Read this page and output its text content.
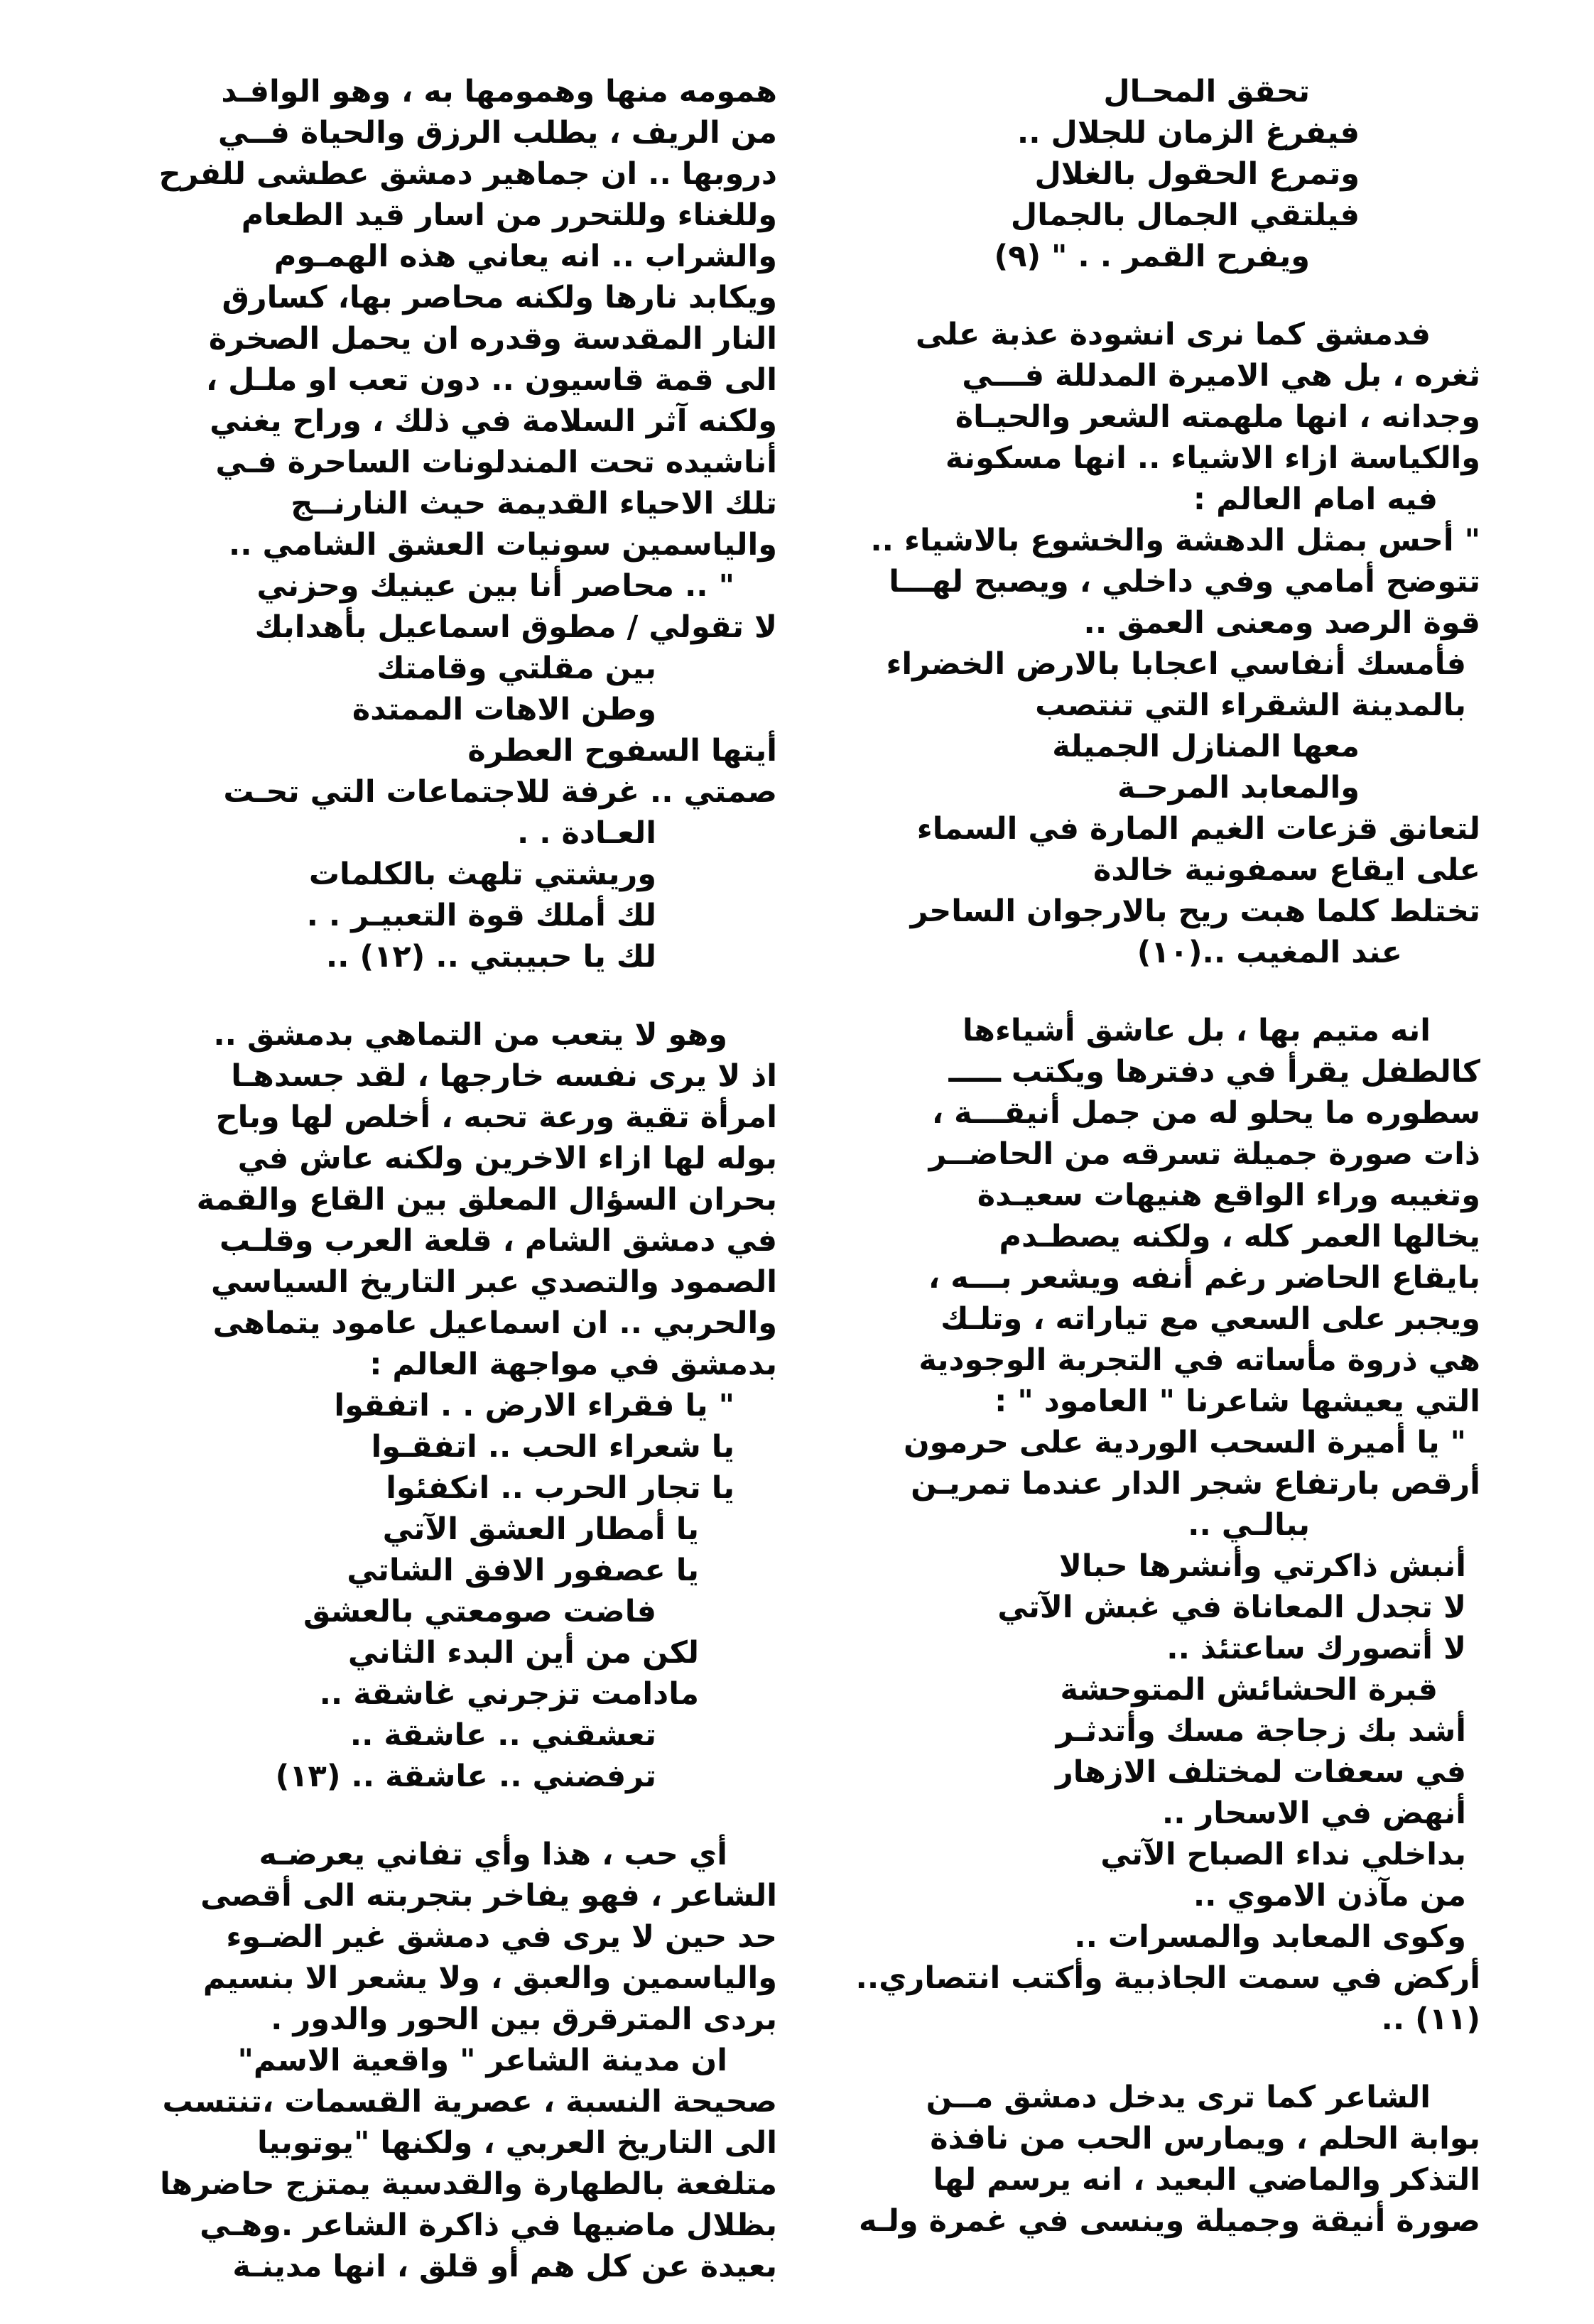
تحقق المحـال
فيفرغ الزمان للجلال ..
وتمرع الحقول بالغلال
فيلتقي الجمال بالجمال
ويفرح القمر . . " (٩)
فدمشق كما نرى انشودة عذبة على
ثغره ، بل هي الاميرة المدللة فـــي
وجدانه ، انها ملهمته الشعر والحيـاة
والكياسة ازاء الاشياء .. انها مسكونة
فيه امام العالم :
" أحس بمثل الدهشة والخشوع بالاشياء ..
تتوضح أمامي وفي داخلي ، ويصبح لهـــا
قوة الرصد ومعنى العمق ..
فأمسك أنفاسي اعجابا بالارض الخضراء
بالمدينة الشقراء التي تنتصب
معها المنازل الجميلة
والمعابد المرحـة
لتعانق قزعات الغيم المارة في السماء
على ايقاع سمفونية خالدة
تختلط كلما هبت ريح بالارجوان الساحر
عند المغيب ..(١٠)
انه متيم بها ، بل عاشق أشياءها
كالطفل يقرأ في دفترها ويكتب ـــــ
سطوره ما يحلو له من جمل أنيقـــة ،
ذات صورة جميلة تسرقه من الحاضــر
وتغيبه وراء الواقع هنيهات سعيـدة
يخالها العمر كله ، ولكنه يصطـدم
بايقاع الحاضر رغم أنفه ويشعر بـــه ،
ويجبر على السعي مع تياراته ، وتلـك
هي ذروة مأساته في التجربة الوجودية
التي يعيشها شاعرنا " العامود " :
" يا أميرة السحب الوردية على حرمون
أرقص بارتفاع شجر الدار عندما تمريـن
ببالـي ..
أنبش ذاكرتي وأنشرها حبالا
لا تجدل المعاناة في غبش الآتي
لا أتصورك ساعتئذ ..
قبرة الحشائش المتوحشة
أشد بك زجاجة مسك وأتدثـر
في سعفات لمختلف الازهار
أنهض في الاسحار ..
بداخلي نداء الصباح الآتي
من مآذن الاموي ..
وكوى المعابد والمسرات ..
أركض في سمت الجاذبية وأكتب انتصاري..
(١١) ..
الشاعر كما ترى يدخل دمشق مــن
بوابة الحلم ، ويمارس الحب من نافذة
التذكر والماضي البعيد ، انه يرسم لها
صورة أنيقة وجميلة وينسى في غمرة ولـه
همومه منها وهمومها به ، وهو الوافـد
من الريف ، يطلب الرزق والحياة فــي
دروبها .. ان جماهير دمشق عطشى للفرح
وللغناء وللتحرر من اسار قيد الطعام
والشراب .. انه يعاني هذه الهمـوم
ويكابد نارها ولكنه محاصر بها، كسارق
النار المقدسة وقدره ان يحمل الصخرة
الى قمة قاسيون .. دون تعب او ملـل ،
ولكنه آثر السلامة في ذلك ، وراح يغني
أناشيده تحت المندلونات الساحرة فـي
تلك الاحياء القديمة حيث النارنــج
والياسمين سونيات العشق الشامي ..
" .. محاصر أنا بين عينيك وحزني
لا تقولي / مطوق اسماعيل بأهدابك
بين مقلتي وقامتك
وطن الاهات الممتدة
أيتها السفوح العطرة
صمتي .. غرفة للاجتماعات التي تحـت
العـادة . .
وريشتي تلهث بالكلمات
لك أملك قوة التعبيـر . .
لك يا حبيبتي .. (١٢) ..
وهو لا يتعب من التماهي بدمشق ..
اذ لا يرى نفسه خارجها ، لقد جسدهـا
امرأة تقية ورعة تحبه ، أخلص لها وباح
بوله لها ازاء الاخرين ولكنه عاش في
بحران السؤال المعلق بين القاع والقمة
في دمشق الشام ، قلعة العرب وقلـب
الصمود والتصدي عبر التاريخ السياسي
والحربي .. ان اسماعيل عامود يتماهى
بدمشق في مواجهة العالم :
" يا فقراء الارض . . اتفقوا
يا شعراء الحب .. اتفقـوا
يا تجار الحرب .. انكفئوا
يا أمطار العشق الآتي
يا عصفور الافق الشاتي
فاضت صومعتي بالعشق
لكن من أين البدء الثاني
مادامت تزجرني غاشقة ..
تعشقني .. عاشقة ..
ترفضني .. عاشقة .. (١٣)
أي حب ، هذا وأي تفاني يعرضـه
الشاعر ، فهو يفاخر بتجربته الى أقصى
حد حين لا يرى في دمشق غير الضـوء
والياسمين والعبق ، ولا يشعر الا بنسيم
بردى المترقرق بين الحور والدور .
ان مدينة الشاعر " واقعية الاسم"
صحيحة النسبة ، عصرية القسمات ،تنتسب
الى التاريخ العربي ، ولكنها "يوتوبيا
متلفعة بالطهارة والقدسية يمتزج حاضرها
بظلال ماضيها في ذاكرة الشاعر .وهـي
بعيدة عن كل هم أو قلق ، انها مدينـة
